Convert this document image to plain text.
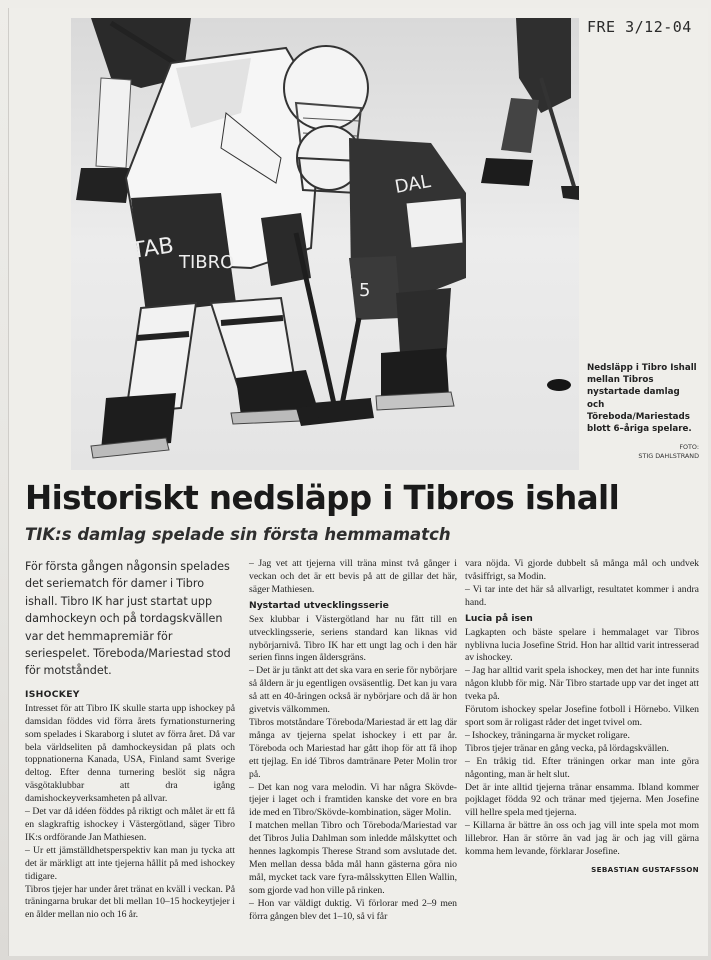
TAB TIBRO
DAL
5
FRE 3/12-04
Nedsläpp i Tibro Ishall mellan Tibros nystartade damlag och Töreboda/Mariestads blott 6–åriga spelare.
FOTO:
STIG DAHLSTRAND
Historiskt nedsläpp i Tibros ishall
TIK:s damlag spelade sin första hemmamatch

För första gången någonsin spelades det seriematch för damer i Tibro ishall. Tibro IK har just startat upp damhockeyn och på tordagskvällen var det hemmapremiär för seriespelet. Töreboda/Mariestad stod för motståndet.

ISHOCKEY

Intresset för att Tibro IK skulle starta upp ishockey på damsidan föddes vid förra årets fyrnationsturnering som spelades i Skaraborg i slutet av förra året. Då var bela världseliten på damhockeysidan på plats och toppnationerna Kanada, USA, Finland samt Sverige deltog. Efter denna turnering beslöt sig några väsgötaklubbar att dra igång damishockeyverksamheten på allvar.

– Det var då idéen föddes på riktigt och målet är ett få en slagkraftig ishockey i Västergötland, säger Tibro IK:s ordförande Jan Mathiesen.

– Ur ett jämställdhetsperspektiv kan man ju tycka att det är märkligt att inte tjejerna hållit på med ishockey tidigare.

Tibros tjejer har under året tränat en kväll i veckan. På träningarna brukar det bli mellan 10–15 hockeytjejer i en ålder mellan nio och 16 år.

– Jag vet att tjejerna vill träna minst två gånger i veckan och det är ett bevis på att de gillar det här, säger Mathiesen.

Nystartad utvecklingsserie

Sex klubbar i Västergötland har nu fått till en utvecklingsserie, seriens standard kan liknas vid nybörjarnivå. Tibro IK har ett ungt lag och i den här serien finns ingen åldersgräns.

– Det är ju tänkt att det ska vara en serie för nybörjare så åldern är ju egentligen ovsäsentlig. Det kan ju vara så att en 40-åringen också är nybörjare och då är hon givetvis välkommen.

Tibros motståndare Töreboda/Mariestad är ett lag där många av tjejerna spelat ishockey i ett par år. Töreboda och Mariestad har gått ihop för att få ihop ett tjejlag. En idé Tibros damtränare Peter Molin tror på.

– Det kan nog vara melodin. Vi har några Skövde-tjejer i laget och i framtiden kanske det vore en bra ide med en Tibro/Skövde-kombination, säger Molin.

I matchen mellan Tibro och Töreboda/Mariestad var det Tibros Julia Dahlman som inledde målskyttet och hennes lagkompis Therese Strand som avslutade det. Men mellan dessa båda mål hann gästerna göra nio mål, mycket tack vare fyra-målsskytten Ellen Wallin, som gjorde vad hon ville på rinken.

– Hon var väldigt duktig. Vi förlorar med 2–9 men förra gången blev det 1–10, så vi får

vara nöjda. Vi gjorde dubbelt så många mål och undvek tvåsiffrigt, sa Modin.

– Vi tar inte det här så allvarligt, resultatet kommer i andra hand.

Lucia på isen

Lagkapten och bäste spelare i hemmalaget var Tibros nyblivna lucia Josefine Strid. Hon har alltid varit intresserad av ishockey.

– Jag har alltid varit spela ishockey, men det har inte funnits någon klubb för mig. När Tibro startade upp var det inget att tveka på.

Förutom ishockey spelar Josefine fotboll i Hörnebo. Vilken sport som är roligast råder det inget tvivel om.

– Ishockey, träningarna är mycket roligare.

Tibros tjejer tränar en gång vecka, på lördagskvällen.

– En tråkig tid. Efter träningen orkar man inte göra någonting, man är helt slut.

Det är inte alltid tjejerna tränar ensamma. Ibland kommer pojklaget födda 92 och tränar med tjejerna. Men Josefine vill hellre spela med tjejerna.

– Killarna är bättre än oss och jag vill inte spela mot mom lillebror. Han är större än vad jag är och jag vill gärna komma hem levande, förklarar Josefine.

SEBASTIAN GUSTAFSSON
